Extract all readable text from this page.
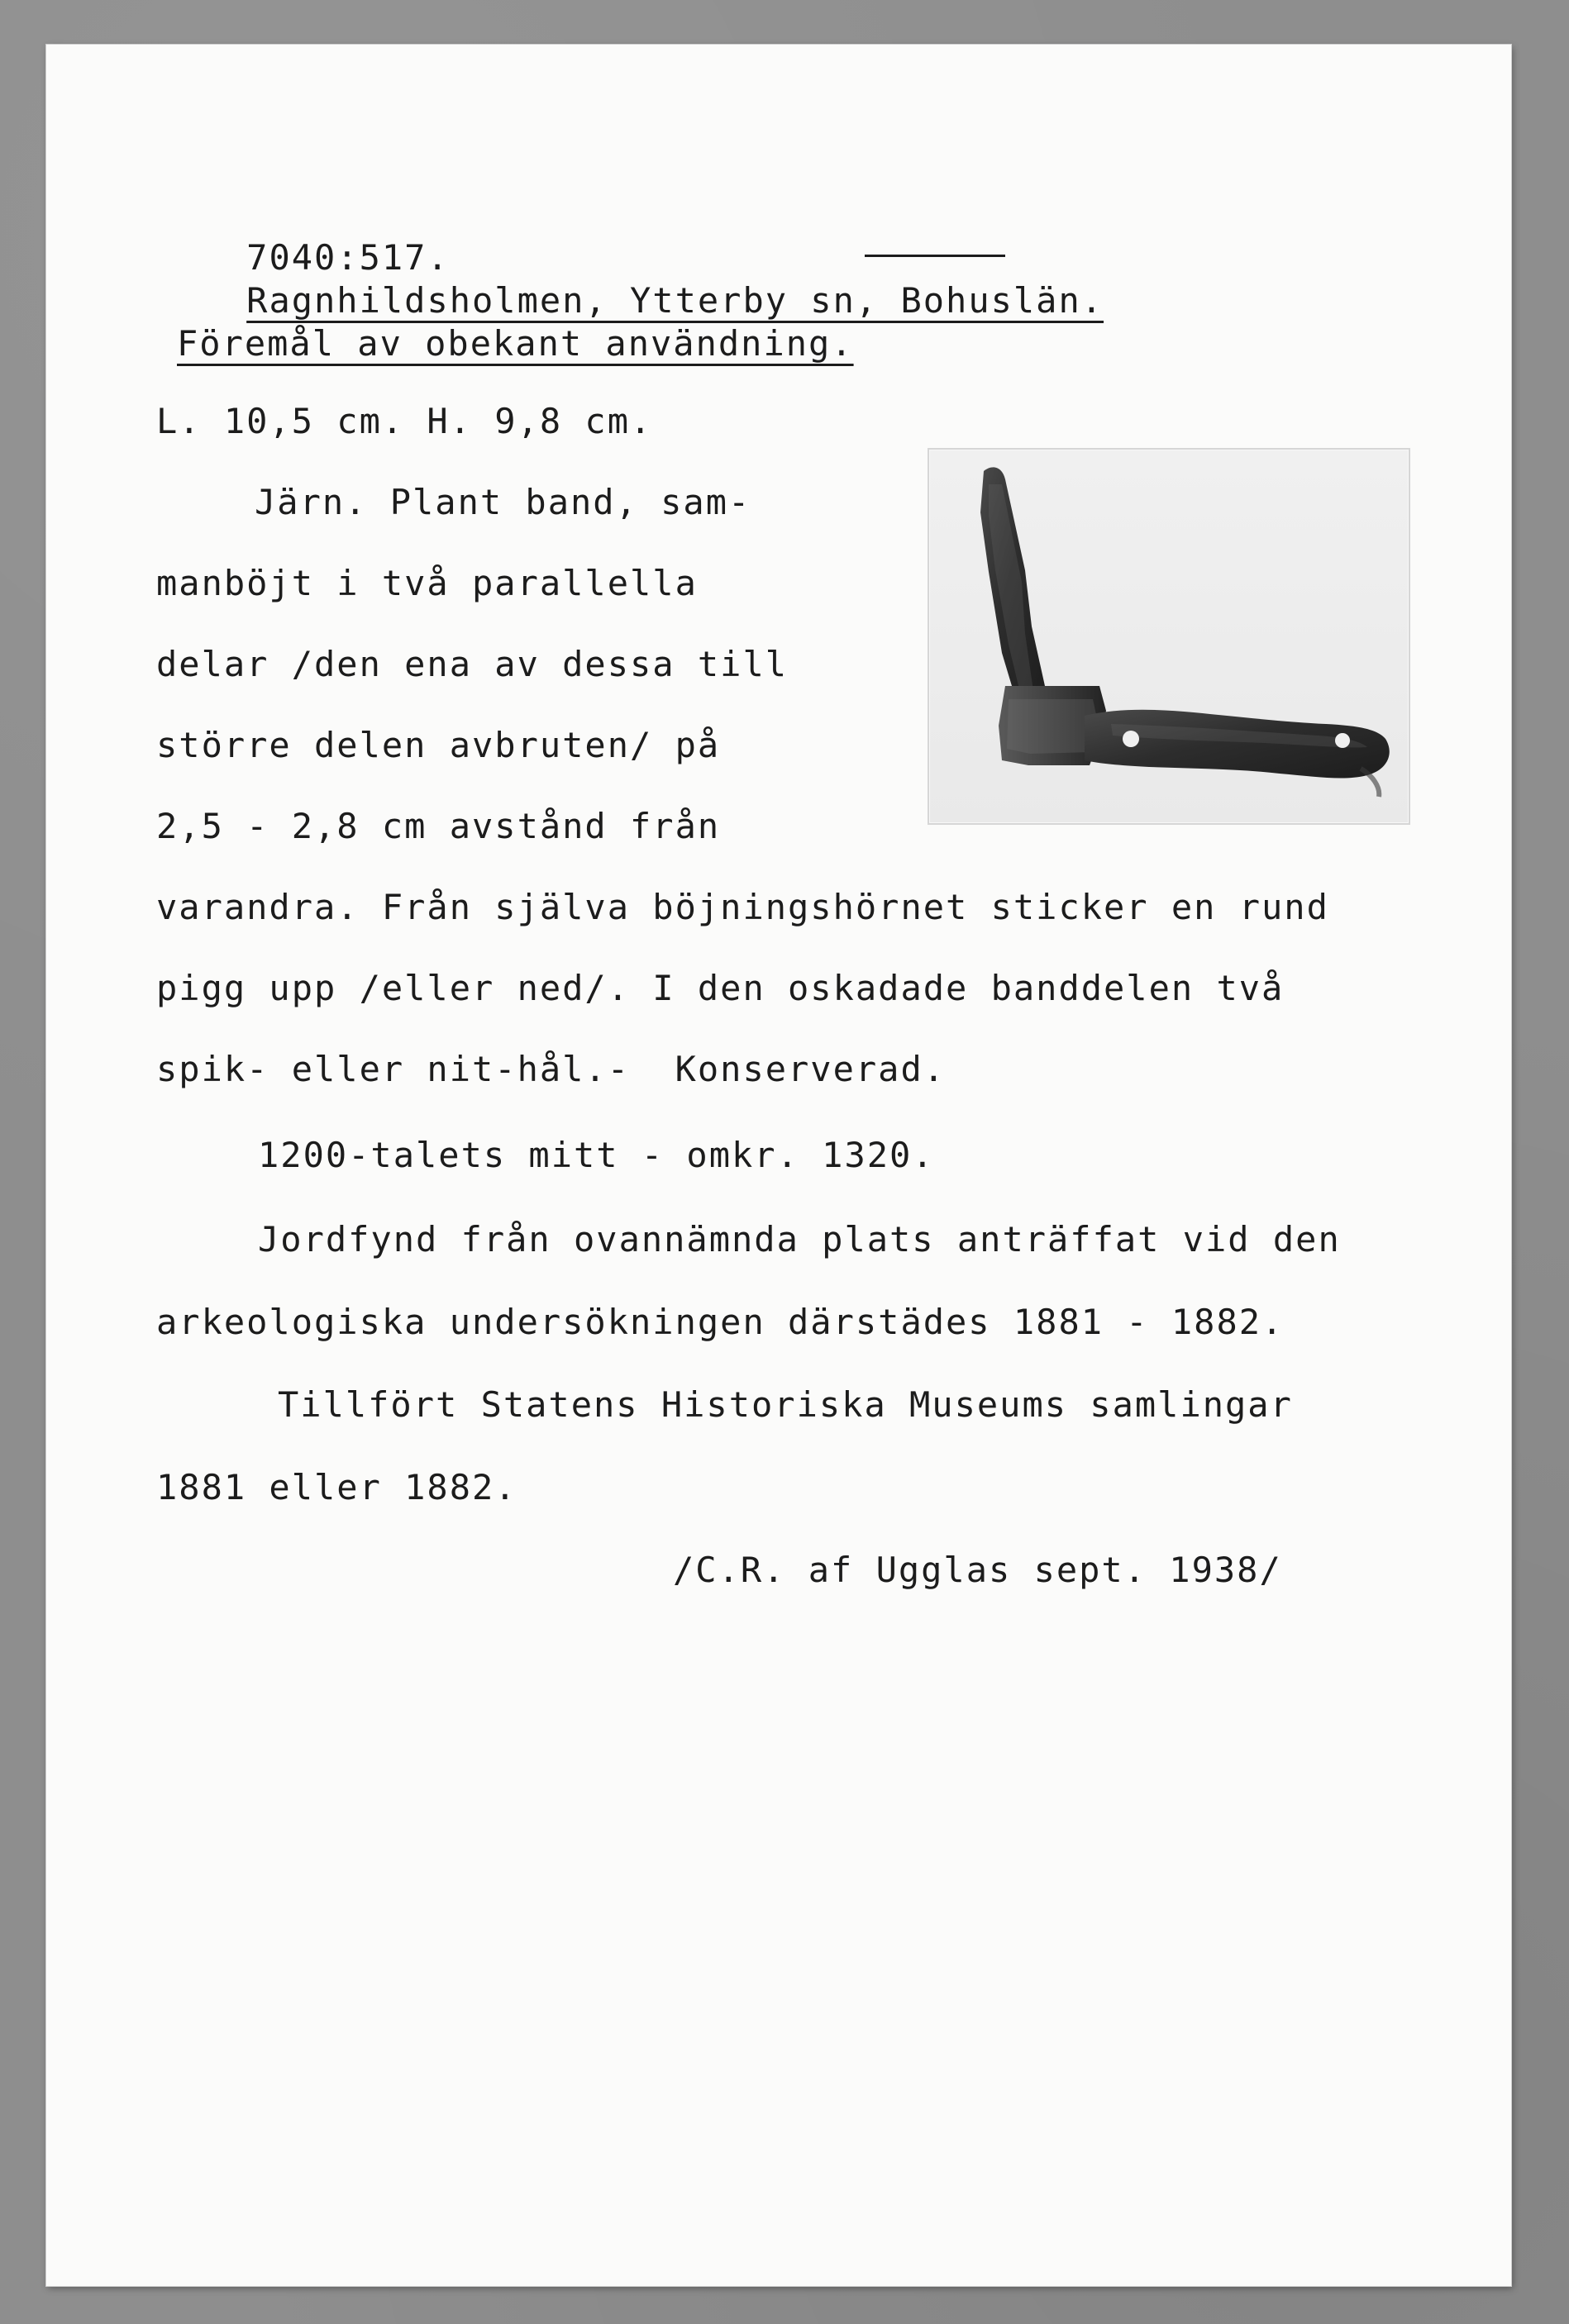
7040:517.
Ragnhildsholmen, Ytterby sn, Bohuslän.

Föremål av obekant användning.
L. 10,5 cm. H. 9,8 cm.
Järn. Plant band, sam-
manböjt i två parallella
delar /den ena av dessa till
större delen avbruten/ på
2,5 - 2,8 cm avstånd från
varandra. Från själva böjningshörnet sticker en rund
pigg upp /eller ned/. I den oskadade banddelen två
spik- eller nit-hål.-  Konserverad.
1200-talets mitt - omkr. 1320.
Jordfynd från ovannämnda plats anträffat vid den
arkeologiska undersökningen därstädes 1881 - 1882.
Tillfört Statens Historiska Museums samlingar
1881 eller 1882.
/C.R. af Ugglas sept. 1938/
